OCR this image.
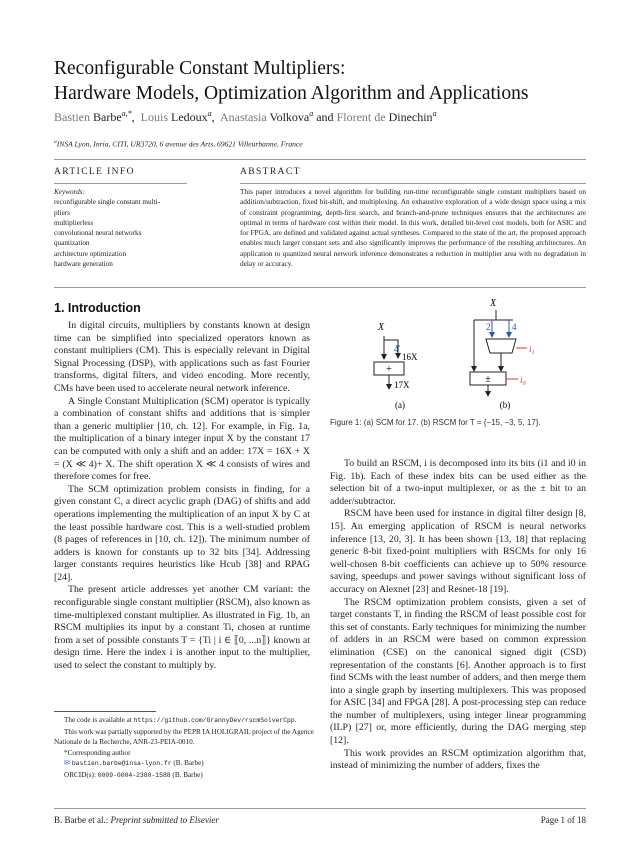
Reconfigurable Constant Multipliers:
Hardware Models, Optimization Algorithm and Applications
Bastien Barbe$^{a,*}$,  Louis Ledoux$^a$,  Anastasia Volkova$^a$ and Florent de Dinechin$^a$
$^a$INSA Lyon, Inria, CITI, UR3720, 6 avenue des Arts, 69621 Villeurbanne, France
ARTICLE INFO	ABSTRACT
Keywords:
reconfigurable single constant multi-
pliers
multiplierless
convolutional neural networks
quantization
architecture optimization
hardware generation
This paper introduces a novel algorithm for building run-time reconfigurable single constant multipliers based on addition/subtraction, fixed bit-shift, and multiplexing. An exhaustive exploration of a wide design space using a mix of constraint programming, depth-first search, and branch-and-prune techniques ensures that the architectures are optimal in terms of hardware cost within their model. In this work, detailed bit-level cost models, both for ASIC and for FPGA, are defined and validated against actual syntheses. Compared to the state of the art, the proposed approach enables much larger constant sets and also significantly improves the performance of the resulting architectures. An application to quantized neural network inference demonstrates a reduction in multiplier area with no degradation in delay or accuracy.
1. Introduction

In digital circuits, multipliers by constants known at design time can be simplified into specialized operators known as constant multipliers (CM). This is especially relevant in Digital Signal Processing (DSP), with applications such as fast Fourier transforms, digital filters, and video encoding. More recently, CMs have been used to accelerate neural network inference.

A Single Constant Multiplication (SCM) operator is typically a combination of constant shifts and additions that is simpler than a generic multiplier [10, ch. 12]. For example, in Fig. 1a, the multiplication of a binary integer input X by the constant 17 can be computed with only a shift and an adder: 17X = 16X + X = (X ≪ 4)+ X. The shift operation X ≪ 4 consists of wires and therefore comes for free.

The SCM optimization problem consists in finding, for a given constant C, a direct acyclic graph (DAG) of shifts and add operations implementing the multiplication of an input X by C at the least possible hardware cost. This is a well-studied problem (8 pages of references in [10, ch. 12]). The minimum number of adders is known for constants up to 32 bits [34]. Addressing larger constants requires heuristics like Hcub [38] and RPAG [24].

The present article addresses yet another CM variant: the reconfigurable single constant multiplier (RSCM), also known as time-multiplexed constant multiplier. As illustrated in Fig. 1b, an RSCM multiplies its input by a constant Ti, chosen at runtime from a set of possible constants T = {Ti | i ∈ ⟦0, ...n⟧} known at design time. Here the index i is another input to the multiplier, used to select the constant to multiply by.

The code is available at https://github.com/GrannyDev/rscmSolverCpp.

This work was partially supported by the PEPR IA HOLIGRAIL project of the Agence Nationale de la Recherche, ANR-23-PEIA-0010.

*Corresponding author

✉ bastien.barbe@insa-lyon.fr (B. Barbe)

ORCID(s): 0009-0004-2380-1588 (B. Barbe)

X
4
16X
+
17X
(a)
X
2 4
$i_1$
±	$i_0$
(b)
Figure 1: (a) SCM for 17. (b) RSCM for T = {−15, −3, 5, 17}.

To build an RSCM, i is decomposed into its bits (i1 and i0 in Fig. 1b). Each of these index bits can be used either as the selection bit of a two-input multiplexer, or as the ± bit to an adder/subtractor.

RSCM have been used for instance in digital filter design [8, 15]. An emerging application of RSCM is neural networks inference [13, 20, 3]. It has been shown [13, 18] that replacing generic 8-bit fixed-point multipliers with RSCMs for only 16 well-chosen 8-bit coefficients can achieve up to 50% resource saving, speedups and power savings without significant loss of accuracy on Alexnet [23] and Resnet-18 [19].

The RSCM optimization problem consists, given a set of target constants T, in finding the RSCM of least possible cost for this set of constants. Early techniques for minimizing the number of adders in an RSCM were based on common expression elimination (CSE) on the canonical signed digit (CSD) representation of the constants [6]. Another approach is to first find SCMs with the least number of adders, and then merge them into a single graph by inserting multiplexers. This was proposed for ASIC [34] and FPGA [28]. A post-processing step can reduce the number of multiplexers, using integer linear programming (ILP) [27] or, more efficiently, during the DAG merging step [12].

This work provides an RSCM optimization algorithm that, instead of minimizing the number of adders, fixes the

B. Barbe et al.: Preprint submitted to Elsevier	Page 1 of 18
